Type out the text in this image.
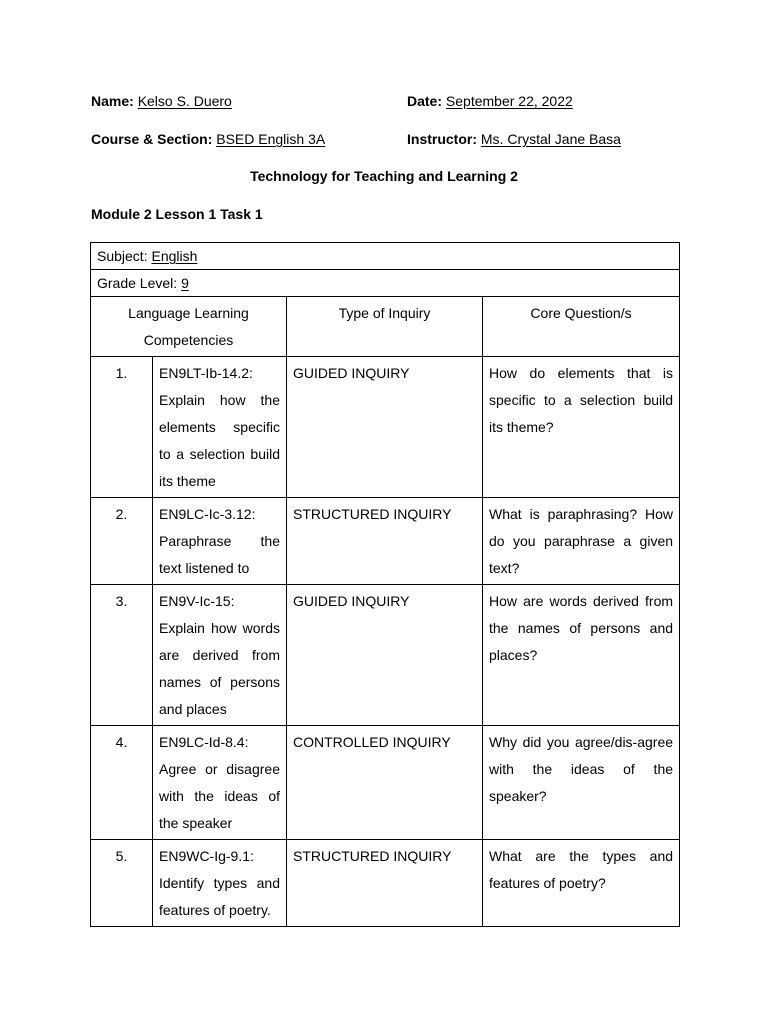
Name: Kelso S. Duero	Date: September 22, 2022
Course & Section: BSED English 3A	Instructor: Ms. Crystal Jane Basa
Technology for Teaching and Learning 2
Module 2 Lesson 1 Task 1
Subject: English			
Grade Level: 9			
Language Learning Competencies		Type of Inquiry	Core Question/s
1.	EN9LT-Ib-14.2: Explain how the elements specific to a selection build its theme	GUIDED INQUIRY	How do elements that is specific to a selection build its theme?
2.	EN9LC-Ic-3.12: Paraphrase the text listened to	STRUCTURED INQUIRY	What is paraphrasing? How do you paraphrase a given text?
3.	EN9V-Ic-15: Explain how words are derived from names of persons and places	GUIDED INQUIRY	How are words derived from the names of persons and places?
4.	EN9LC-Id-8.4: Agree or disagree with the ideas of the speaker	CONTROLLED INQUIRY	Why did you agree/dis-agree with the ideas of the speaker?
5.	EN9WC-Ig-9.1: Identify types and features of poetry.	STRUCTURED INQUIRY	What are the types and features of poetry?
